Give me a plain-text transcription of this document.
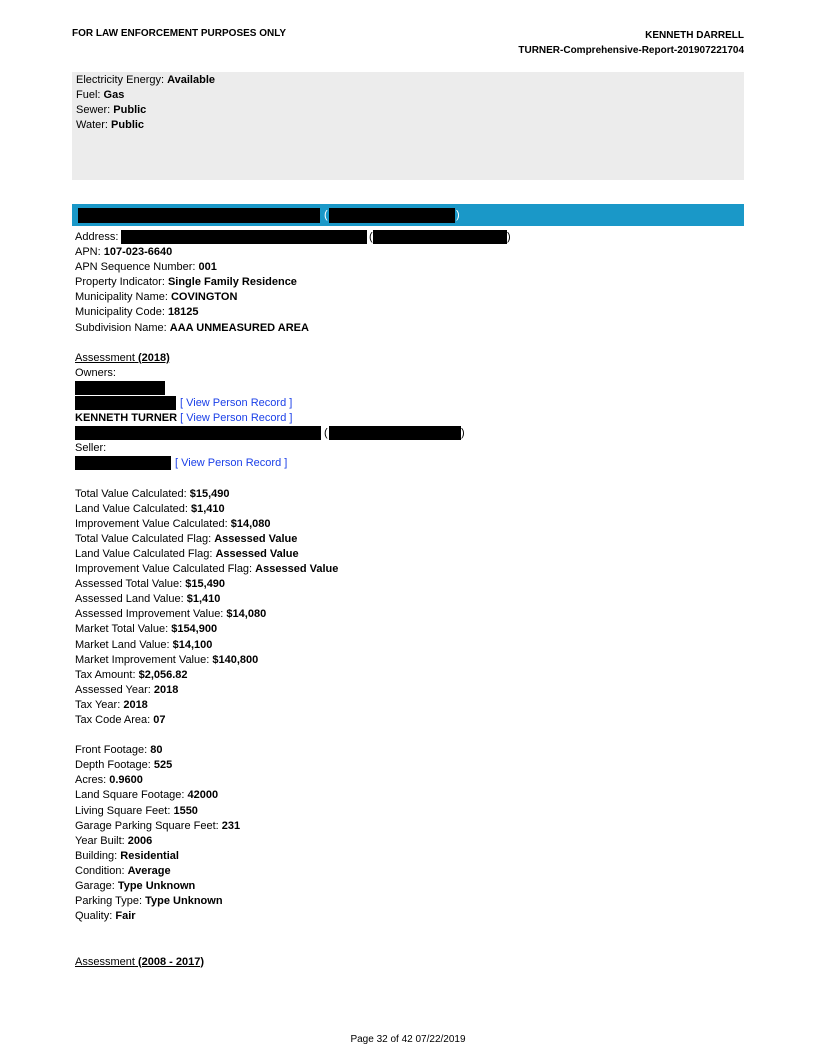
FOR LAW ENFORCEMENT PURPOSES ONLY	KENNETH DARRELL
TURNER-Comprehensive-Report-201907221704
Electricity Energy: Available
Fuel: Gas
Sewer: Public
Water: Public
(	)
Address:	(	)
APN: 107-023-6640
APN Sequence Number: 001
Property Indicator: Single Family Residence
Municipality Name: COVINGTON
Municipality Code: 18125
Subdivision Name: AAA UNMEASURED AREA
Assessment (2018)
Owners:
[ View Person Record ]
KENNETH TURNER [ View Person Record ]
(	)
Seller:
[ View Person Record ]
Total Value Calculated: $15,490
Land Value Calculated: $1,410
Improvement Value Calculated: $14,080
Total Value Calculated Flag: Assessed Value
Land Value Calculated Flag: Assessed Value
Improvement Value Calculated Flag: Assessed Value
Assessed Total Value: $15,490
Assessed Land Value: $1,410
Assessed Improvement Value: $14,080
Market Total Value: $154,900
Market Land Value: $14,100
Market Improvement Value: $140,800
Tax Amount: $2,056.82
Assessed Year: 2018
Tax Year: 2018
Tax Code Area: 07
Front Footage: 80
Depth Footage: 525
Acres: 0.9600
Land Square Footage: 42000
Living Square Feet: 1550
Garage Parking Square Feet: 231
Year Built: 2006
Building: Residential
Condition: Average
Garage: Type Unknown
Parking Type: Type Unknown
Quality: Fair
Assessment (2008 - 2017)
Page 32 of 42 07/22/2019
